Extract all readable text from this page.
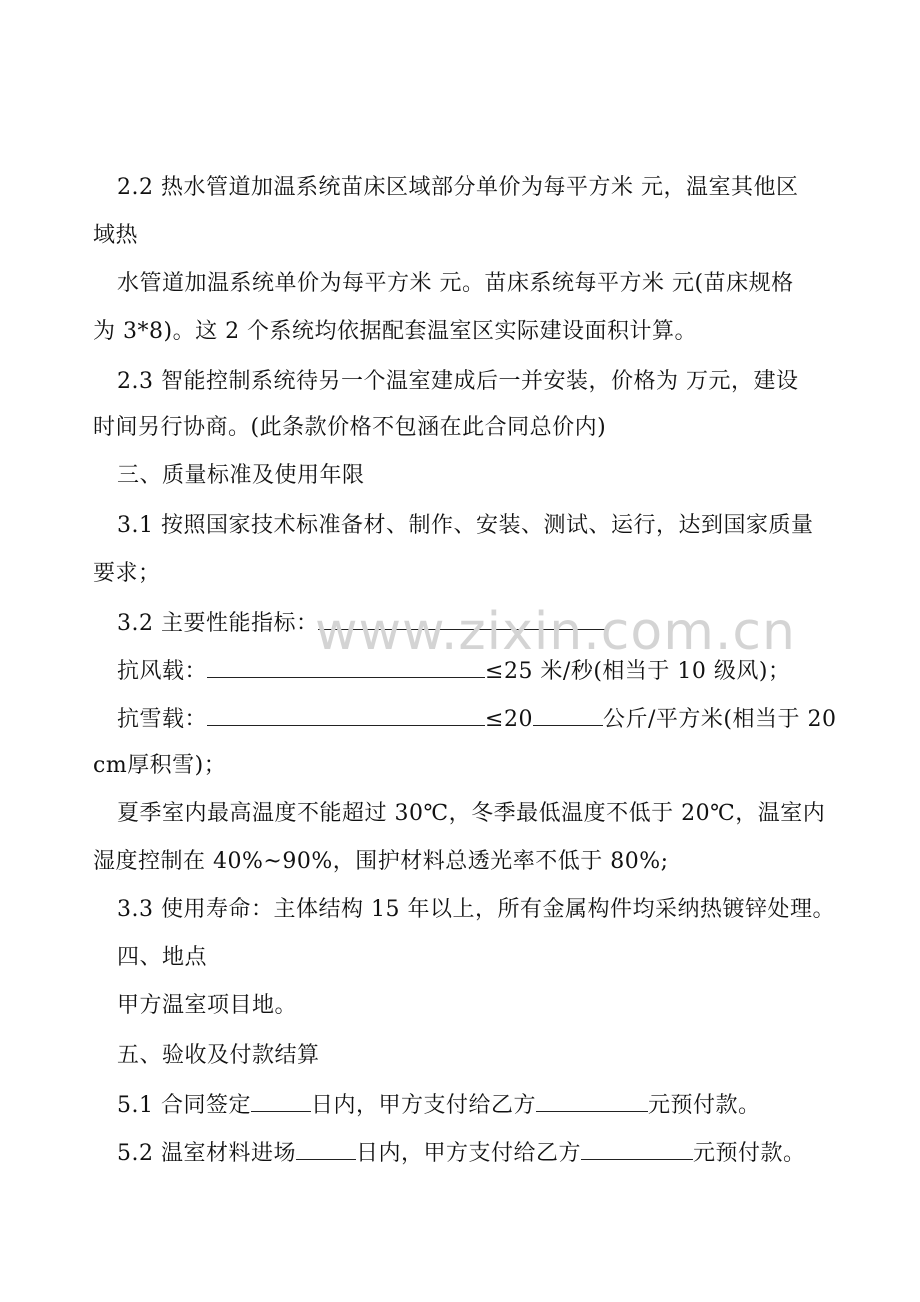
2.2 热水管道加温系统苗床区域部分单价为每平方米 元，温室其他区
域热
水管道加温系统单价为每平方米 元。苗床系统每平方米 元(苗床规格
为 3*8)。这 2 个系统均依据配套温室区实际建设面积计算。
2.3 智能控制系统待另一个温室建成后一并安装，价格为 万元，建设
时间另行协商。(此条款价格不包涵在此合同总价内)
三、质量标准及使用年限
3.1 按照国家技术标准备材、制作、安装、测试、运行，达到国家质量
要求；
3.2 主要性能指标：
抗风载：	≤25 米/秒(相当于 10 级风)；
抗雪载：	≤20	公斤/平方米(相当于 20
cm厚积雪)；
夏季室内最高温度不能超过 30℃，冬季最低温度不低于 20℃，温室内
湿度控制在 40%~90%，围护材料总透光率不低于 80%;
3.3 使用寿命：主体结构 15 年以上，所有金属构件均采纳热镀锌处理。
四、地点
甲方温室项目地。
五、验收及付款结算
5.1 合同签定	日内，甲方支付给乙方	元预付款。
5.2 温室材料进场	日内，甲方支付给乙方	元预付款。
www.zixin.com.cn
